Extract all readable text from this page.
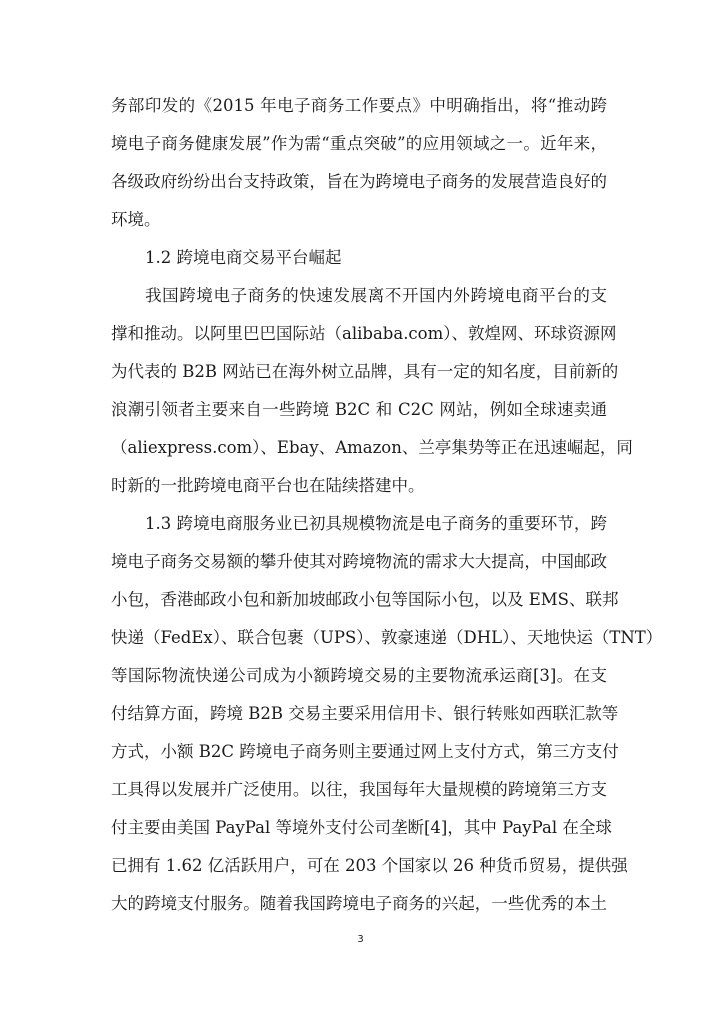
务部印发的《2015 年电子商务工作要点》中明确指出，将“推动跨
境电子商务健康发展”作为需“重点突破”的应用领域之一。近年来，
各级政府纷纷出台支持政策，旨在为跨境电子商务的发展营造良好的
环境。
1.2 跨境电商交易平台崛起
我国跨境电子商务的快速发展离不开国内外跨境电商平台的支
撑和推动。以阿里巴巴国际站（alibaba.com）、敦煌网、环球资源网
为代表的 B2B 网站已在海外树立品牌，具有一定的知名度，目前新的
浪潮引领者主要来自一些跨境 B2C 和 C2C 网站，例如全球速卖通
（aliexpress.com）、Ebay、Amazon、兰亭集势等正在迅速崛起，同
时新的一批跨境电商平台也在陆续搭建中。
1.3 跨境电商服务业已初具规模物流是电子商务的重要环节，跨
境电子商务交易额的攀升使其对跨境物流的需求大大提高，中国邮政
小包，香港邮政小包和新加坡邮政小包等国际小包，以及 EMS、联邦
快递（FedEx）、联合包裹（UPS）、敦豪速递（DHL）、天地快运（TNT）
等国际物流快递公司成为小额跨境交易的主要物流承运商[3]。在支
付结算方面，跨境 B2B 交易主要采用信用卡、银行转账如西联汇款等
方式，小额 B2C 跨境电子商务则主要通过网上支付方式，第三方支付
工具得以发展并广泛使用。以往，我国每年大量规模的跨境第三方支
付主要由美国 PayPal 等境外支付公司垄断[4]，其中 PayPal 在全球
已拥有 1.62 亿活跃用户，可在 203 个国家以 26 种货币贸易，提供强
大的跨境支付服务。随着我国跨境电子商务的兴起，一些优秀的本土
3
